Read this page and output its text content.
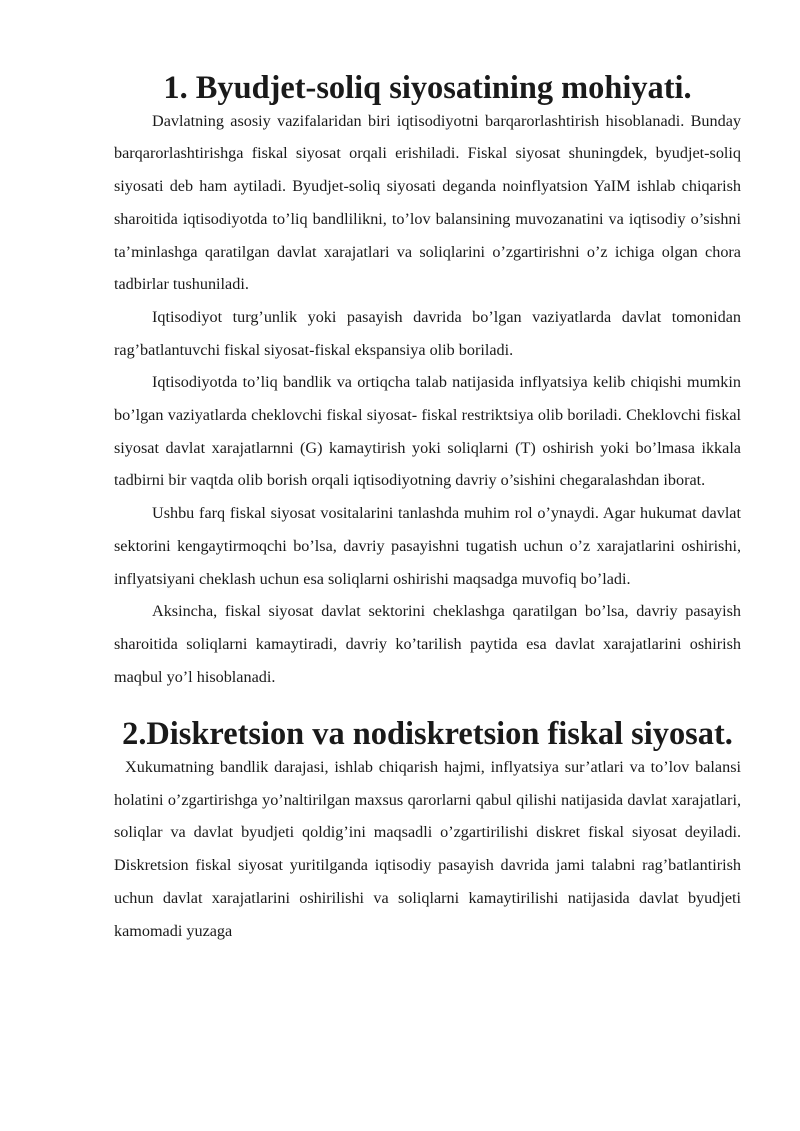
1. Byudjet-soliq siyosatining mohiyati.

Davlatning asosiy vazifalaridan biri iqtisodiyotni barqarorlashtirish hisoblanadi. Bunday barqarorlashtirishga fiskal siyosat orqali erishiladi. Fiskal siyosat shuningdek, byudjet-soliq siyosati deb ham aytiladi. Byudjet-soliq siyosati deganda noinflyatsion YaIM ishlab chiqarish sharoitida iqtisodiyotda to’liq bandlilikni, to’lov balansining muvozanatini va iqtisodiy o’sishni ta’minlashga qaratilgan davlat xarajatlari va soliqlarini o’zgartirishni o’z ichiga olgan chora tadbirlar tushuniladi.

Iqtisodiyot turg’unlik yoki pasayish davrida bo’lgan vaziyatlarda davlat tomonidan rag’batlantuvchi fiskal siyosat-fiskal ekspansiya olib boriladi.

Iqtisodiyotda to’liq bandlik va ortiqcha talab natijasida inflyatsiya kelib chiqishi mumkin bo’lgan vaziyatlarda cheklovchi fiskal siyosat- fiskal restriktsiya olib boriladi. Cheklovchi fiskal siyosat davlat xarajatlarnni (G) kamaytirish yoki soliqlarni (T) oshirish yoki bo’lmasa ikkala tadbirni bir vaqtda olib borish orqali iqtisodiyotning davriy o’sishini chegaralashdan iborat.

Ushbu farq fiskal siyosat vositalarini tanlashda muhim rol o’ynaydi. Agar hukumat davlat sektorini kengaytirmoqchi bo’lsa, davriy pasayishni tugatish uchun o’z xarajatlarini oshirishi, inflyatsiyani cheklash uchun esa soliqlarni oshirishi maqsadga muvofiq bo’ladi.

Aksincha, fiskal siyosat davlat sektorini cheklashga qaratilgan bo’lsa, davriy pasayish sharoitida soliqlarni kamaytiradi, davriy ko’tarilish paytida esa davlat xarajatlarini oshirish maqbul yo’l hisoblanadi.

2.Diskretsion va nodiskretsion fiskal siyosat.

Xukumatning bandlik darajasi, ishlab chiqarish hajmi, inflyatsiya sur’atlari va to’lov balansi holatini o’zgartirishga yo’naltirilgan maxsus qarorlarni qabul qilishi natijasida davlat xarajatlari, soliqlar va davlat byudjeti qoldig’ini maqsadli o’zgartirilishi diskret fiskal siyosat deyiladi. Diskretsion fiskal siyosat yuritilganda iqtisodiy pasayish davrida jami talabni rag’batlantirish uchun davlat xarajatlarini oshirilishi va soliqlarni kamaytirilishi natijasida davlat byudjeti kamomadi yuzaga
